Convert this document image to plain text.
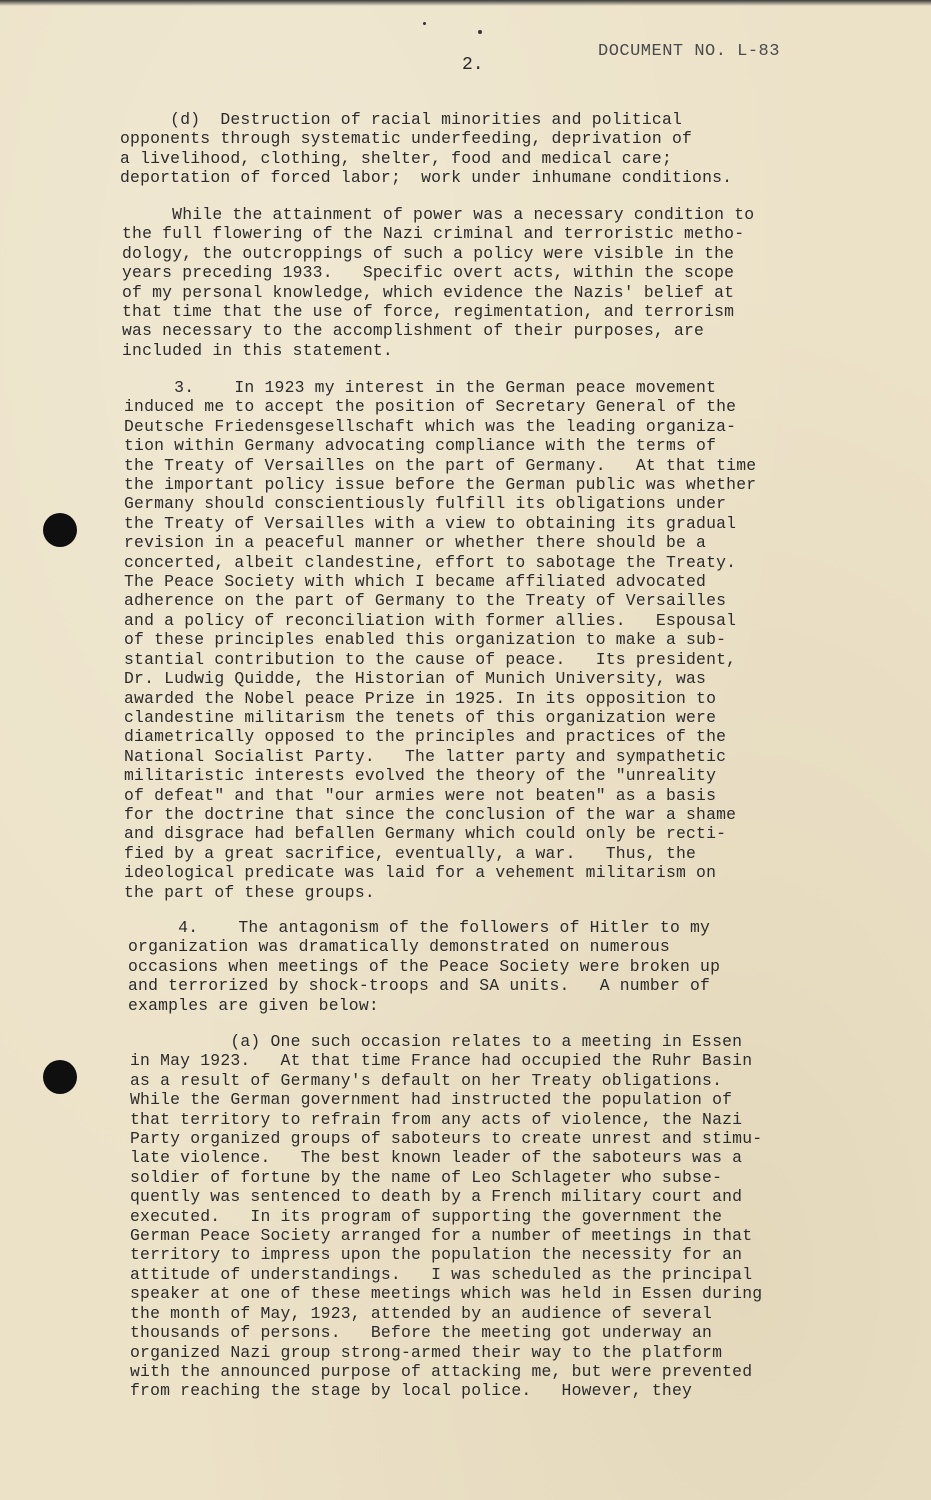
2.
DOCUMENT NO. L-83

(d)  Destruction of racial minorities and political
opponents through systematic underfeeding, deprivation of
a livelihood, clothing, shelter, food and medical care;
deportation of forced labor;  work under inhumane conditions.

While the attainment of power was a necessary condition to
the full flowering of the Nazi criminal and terroristic metho-
dology, the outcroppings of such a policy were visible in the
years preceding 1933.   Specific overt acts, within the scope
of my personal knowledge, which evidence the Nazis' belief at
that time that the use of force, regimentation, and terrorism
was necessary to the accomplishment of their purposes, are
included in this statement.

3.    In 1923 my interest in the German peace movement
induced me to accept the position of Secretary General of the
Deutsche Friedensgesellschaft which was the leading organiza-
tion within Germany advocating compliance with the terms of
the Treaty of Versailles on the part of Germany.   At that time
the important policy issue before the German public was whether
Germany should conscientiously fulfill its obligations under
the Treaty of Versailles with a view to obtaining its gradual
revision in a peaceful manner or whether there should be a
concerted, albeit clandestine, effort to sabotage the Treaty.
The Peace Society with which I became affiliated advocated
adherence on the part of Germany to the Treaty of Versailles
and a policy of reconciliation with former allies.   Espousal
of these principles enabled this organization to make a sub-
stantial contribution to the cause of peace.   Its president,
Dr. Ludwig Quidde, the Historian of Munich University, was
awarded the Nobel peace Prize in 1925. In its opposition to
clandestine militarism the tenets of this organization were
diametrically opposed to the principles and practices of the
National Socialist Party.   The latter party and sympathetic
militaristic interests evolved the theory of the "unreality
of defeat" and that "our armies were not beaten" as a basis
for the doctrine that since the conclusion of the war a shame
and disgrace had befallen Germany which could only be recti-
fied by a great sacrifice, eventually, a war.   Thus, the
ideological predicate was laid for a vehement militarism on
the part of these groups.

4.    The antagonism of the followers of Hitler to my
organization was dramatically demonstrated on numerous
occasions when meetings of the Peace Society were broken up
and terrorized by shock-troops and SA units.   A number of
examples are given below:

(a) One such occasion relates to a meeting in Essen
in May 1923.   At that time France had occupied the Ruhr Basin
as a result of Germany's default on her Treaty obligations.
While the German government had instructed the population of
that territory to refrain from any acts of violence, the Nazi
Party organized groups of saboteurs to create unrest and stimu-
late violence.   The best known leader of the saboteurs was a
soldier of fortune by the name of Leo Schlageter who subse-
quently was sentenced to death by a French military court and
executed.   In its program of supporting the government the
German Peace Society arranged for a number of meetings in that
territory to impress upon the population the necessity for an
attitude of understandings.   I was scheduled as the principal
speaker at one of these meetings which was held in Essen during
the month of May, 1923, attended by an audience of several
thousands of persons.   Before the meeting got underway an
organized Nazi group strong-armed their way to the platform
with the announced purpose of attacking me, but were prevented
from reaching the stage by local police.   However, they
